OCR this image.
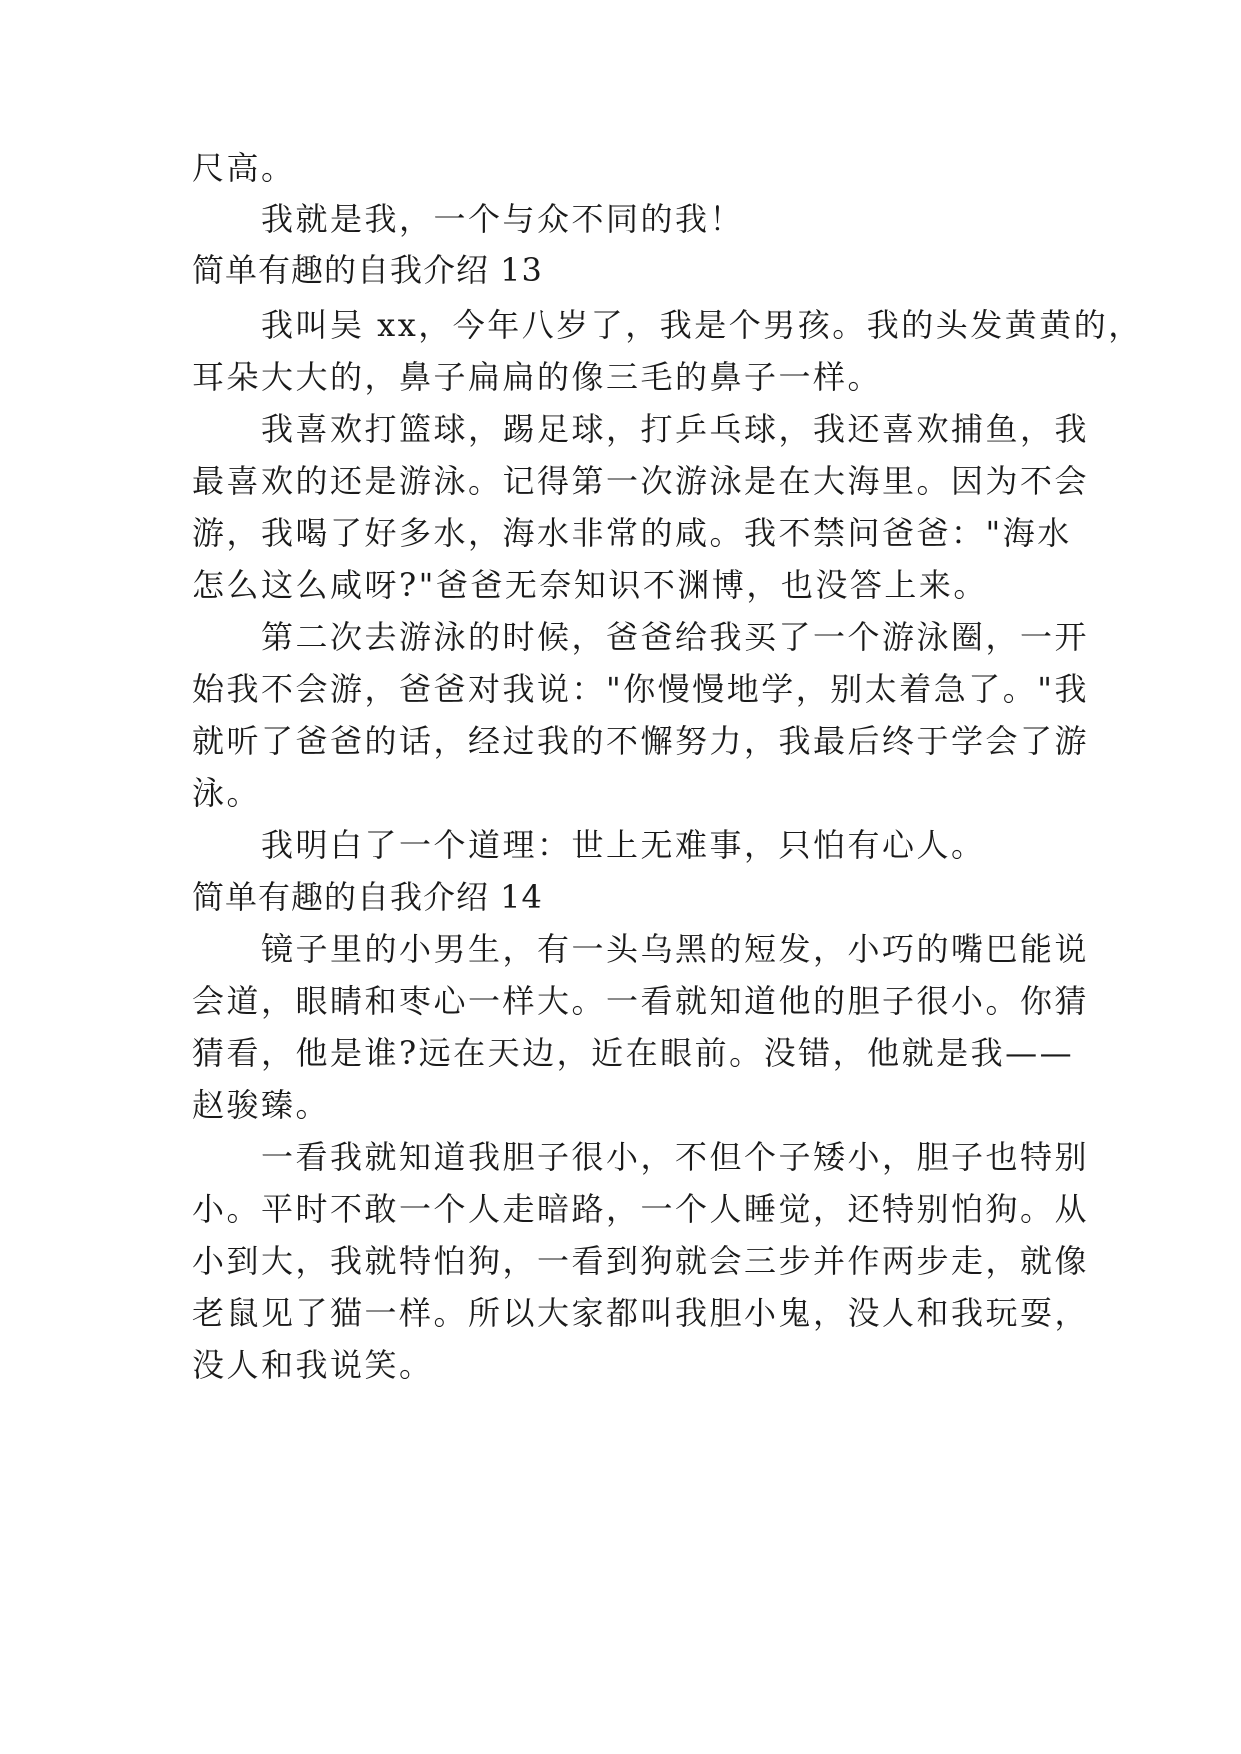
尺高。
　　我就是我，一个与众不同的我！
简单有趣的自我介绍 13
　　我叫吴 xx，今年八岁了，我是个男孩。我的头发黄黄的，
耳朵大大的，鼻子扁扁的像三毛的鼻子一样。
　　我喜欢打篮球，踢足球，打乒乓球，我还喜欢捕鱼，我
最喜欢的还是游泳。记得第一次游泳是在大海里。因为不会
游，我喝了好多水，海水非常的咸。我不禁问爸爸："海水
怎么这么咸呀?"爸爸无奈知识不渊博，也没答上来。
　　第二次去游泳的时候，爸爸给我买了一个游泳圈，一开
始我不会游，爸爸对我说："你慢慢地学，别太着急了。"我
就听了爸爸的话，经过我的不懈努力，我最后终于学会了游
泳。
　　我明白了一个道理：世上无难事，只怕有心人。
简单有趣的自我介绍 14
　　镜子里的小男生，有一头乌黑的短发，小巧的嘴巴能说
会道，眼睛和枣心一样大。一看就知道他的胆子很小。你猜
猜看，他是谁?远在天边，近在眼前。没错，他就是我——
赵骏臻。
　　一看我就知道我胆子很小，不但个子矮小，胆子也特别
小。平时不敢一个人走暗路，一个人睡觉，还特别怕狗。从
小到大，我就特怕狗，一看到狗就会三步并作两步走，就像
老鼠见了猫一样。所以大家都叫我胆小鬼，没人和我玩耍，
没人和我说笑。
